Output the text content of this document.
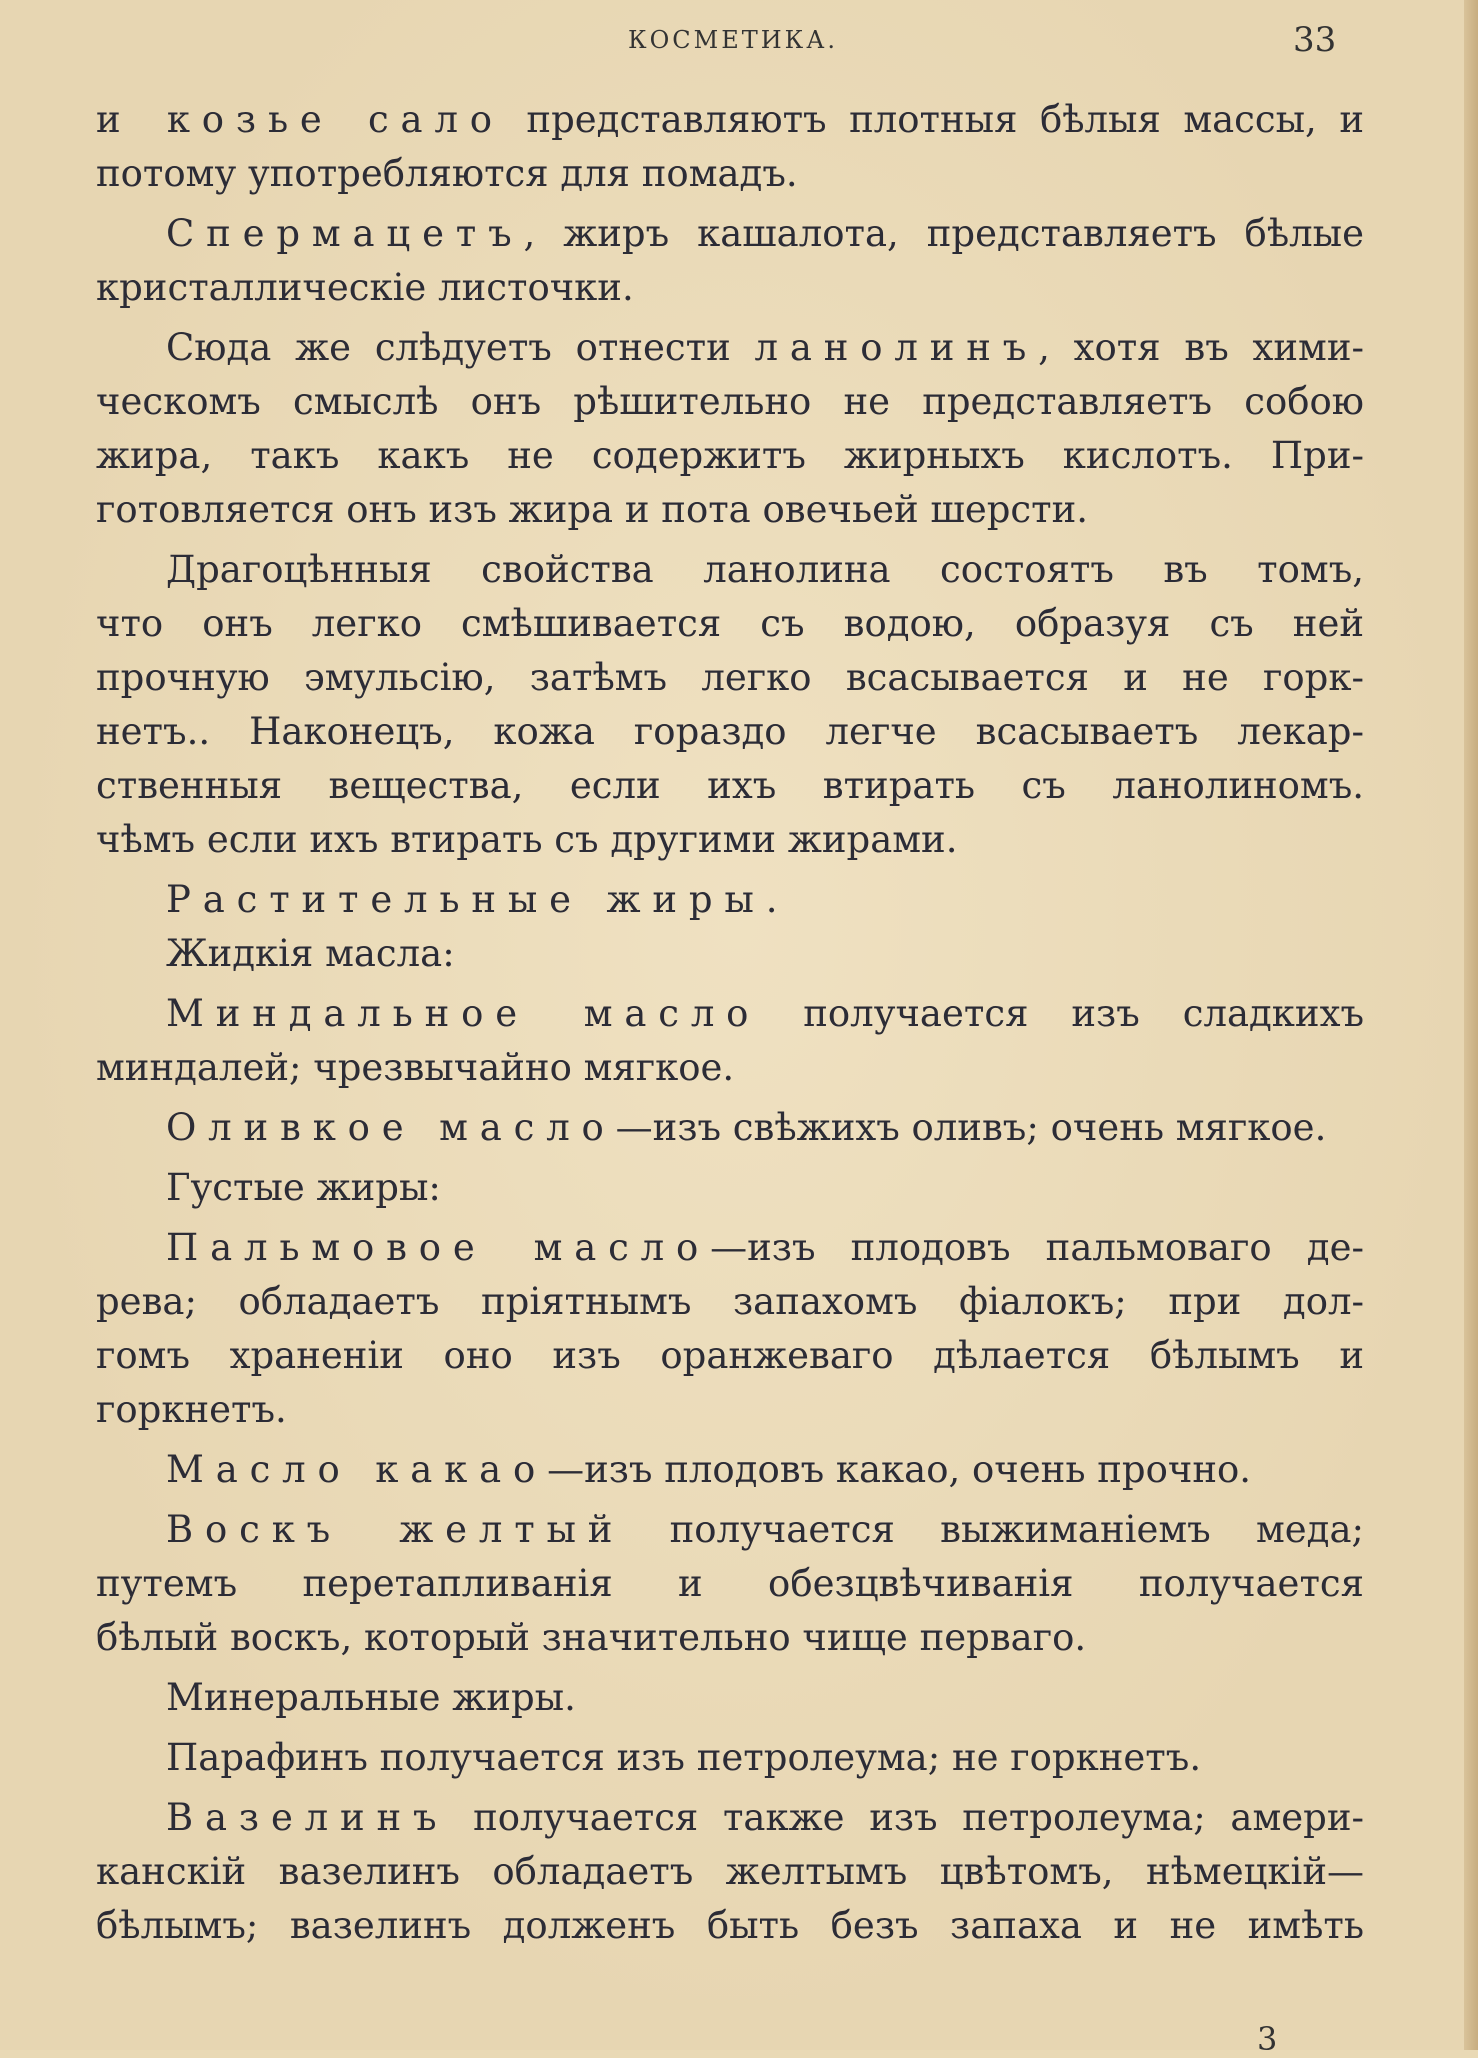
КОСМЕТИКА.	33
и козье сало представляютъ плотныя бѣлыя массы, и
потому употребляются для помадъ.
Спермацетъ, жиръ кашалота, представляетъ бѣлые
кристаллическіе листочки.
Сюда же слѣдуетъ отнести ланолинъ, хотя въ хими-
ческомъ смыслѣ онъ рѣшительно не представляетъ собою
жира, такъ какъ не содержитъ жирныхъ кислотъ. При-
готовляется онъ изъ жира и пота овечьей шерсти.
Драгоцѣнныя свойства ланолина состоятъ въ томъ,
что онъ легко смѣшивается съ водою, образуя съ ней
прочную эмульсію, затѣмъ легко всасывается и не горк-
нетъ.. Наконецъ, кожа гораздо легче всасываетъ лекар-
ственныя вещества, если ихъ втирать съ ланолиномъ.
чѣмъ если ихъ втирать съ другими жирами.
Растительные жиры.
Жидкія масла:
Миндальное масло получается изъ сладкихъ
миндалей; чрезвычайно мягкое.
Оливкое масло—изъ свѣжихъ оливъ; очень мягкое.
Густые жиры:
Пальмовое масло—изъ плодовъ пальмоваго де-
рева; обладаетъ пріятнымъ запахомъ фіалокъ; при дол-
гомъ храненіи оно изъ оранжеваго дѣлается бѣлымъ и
горкнетъ.
Масло какао—изъ плодовъ какао, очень прочно.
Воскъ желтый получается выжиманіемъ меда;
путемъ перетапливанія и обезцвѣчиванія получается
бѣлый воскъ, который значительно чище перваго.
Минеральные жиры.
Парафинъ получается изъ петролеума; не горкнетъ.
Вазелинъ получается также изъ петролеума; амери-
канскій вазелинъ обладаетъ желтымъ цвѣтомъ, нѣмецкій—
бѣлымъ; вазелинъ долженъ быть безъ запаха и не имѣть
3
